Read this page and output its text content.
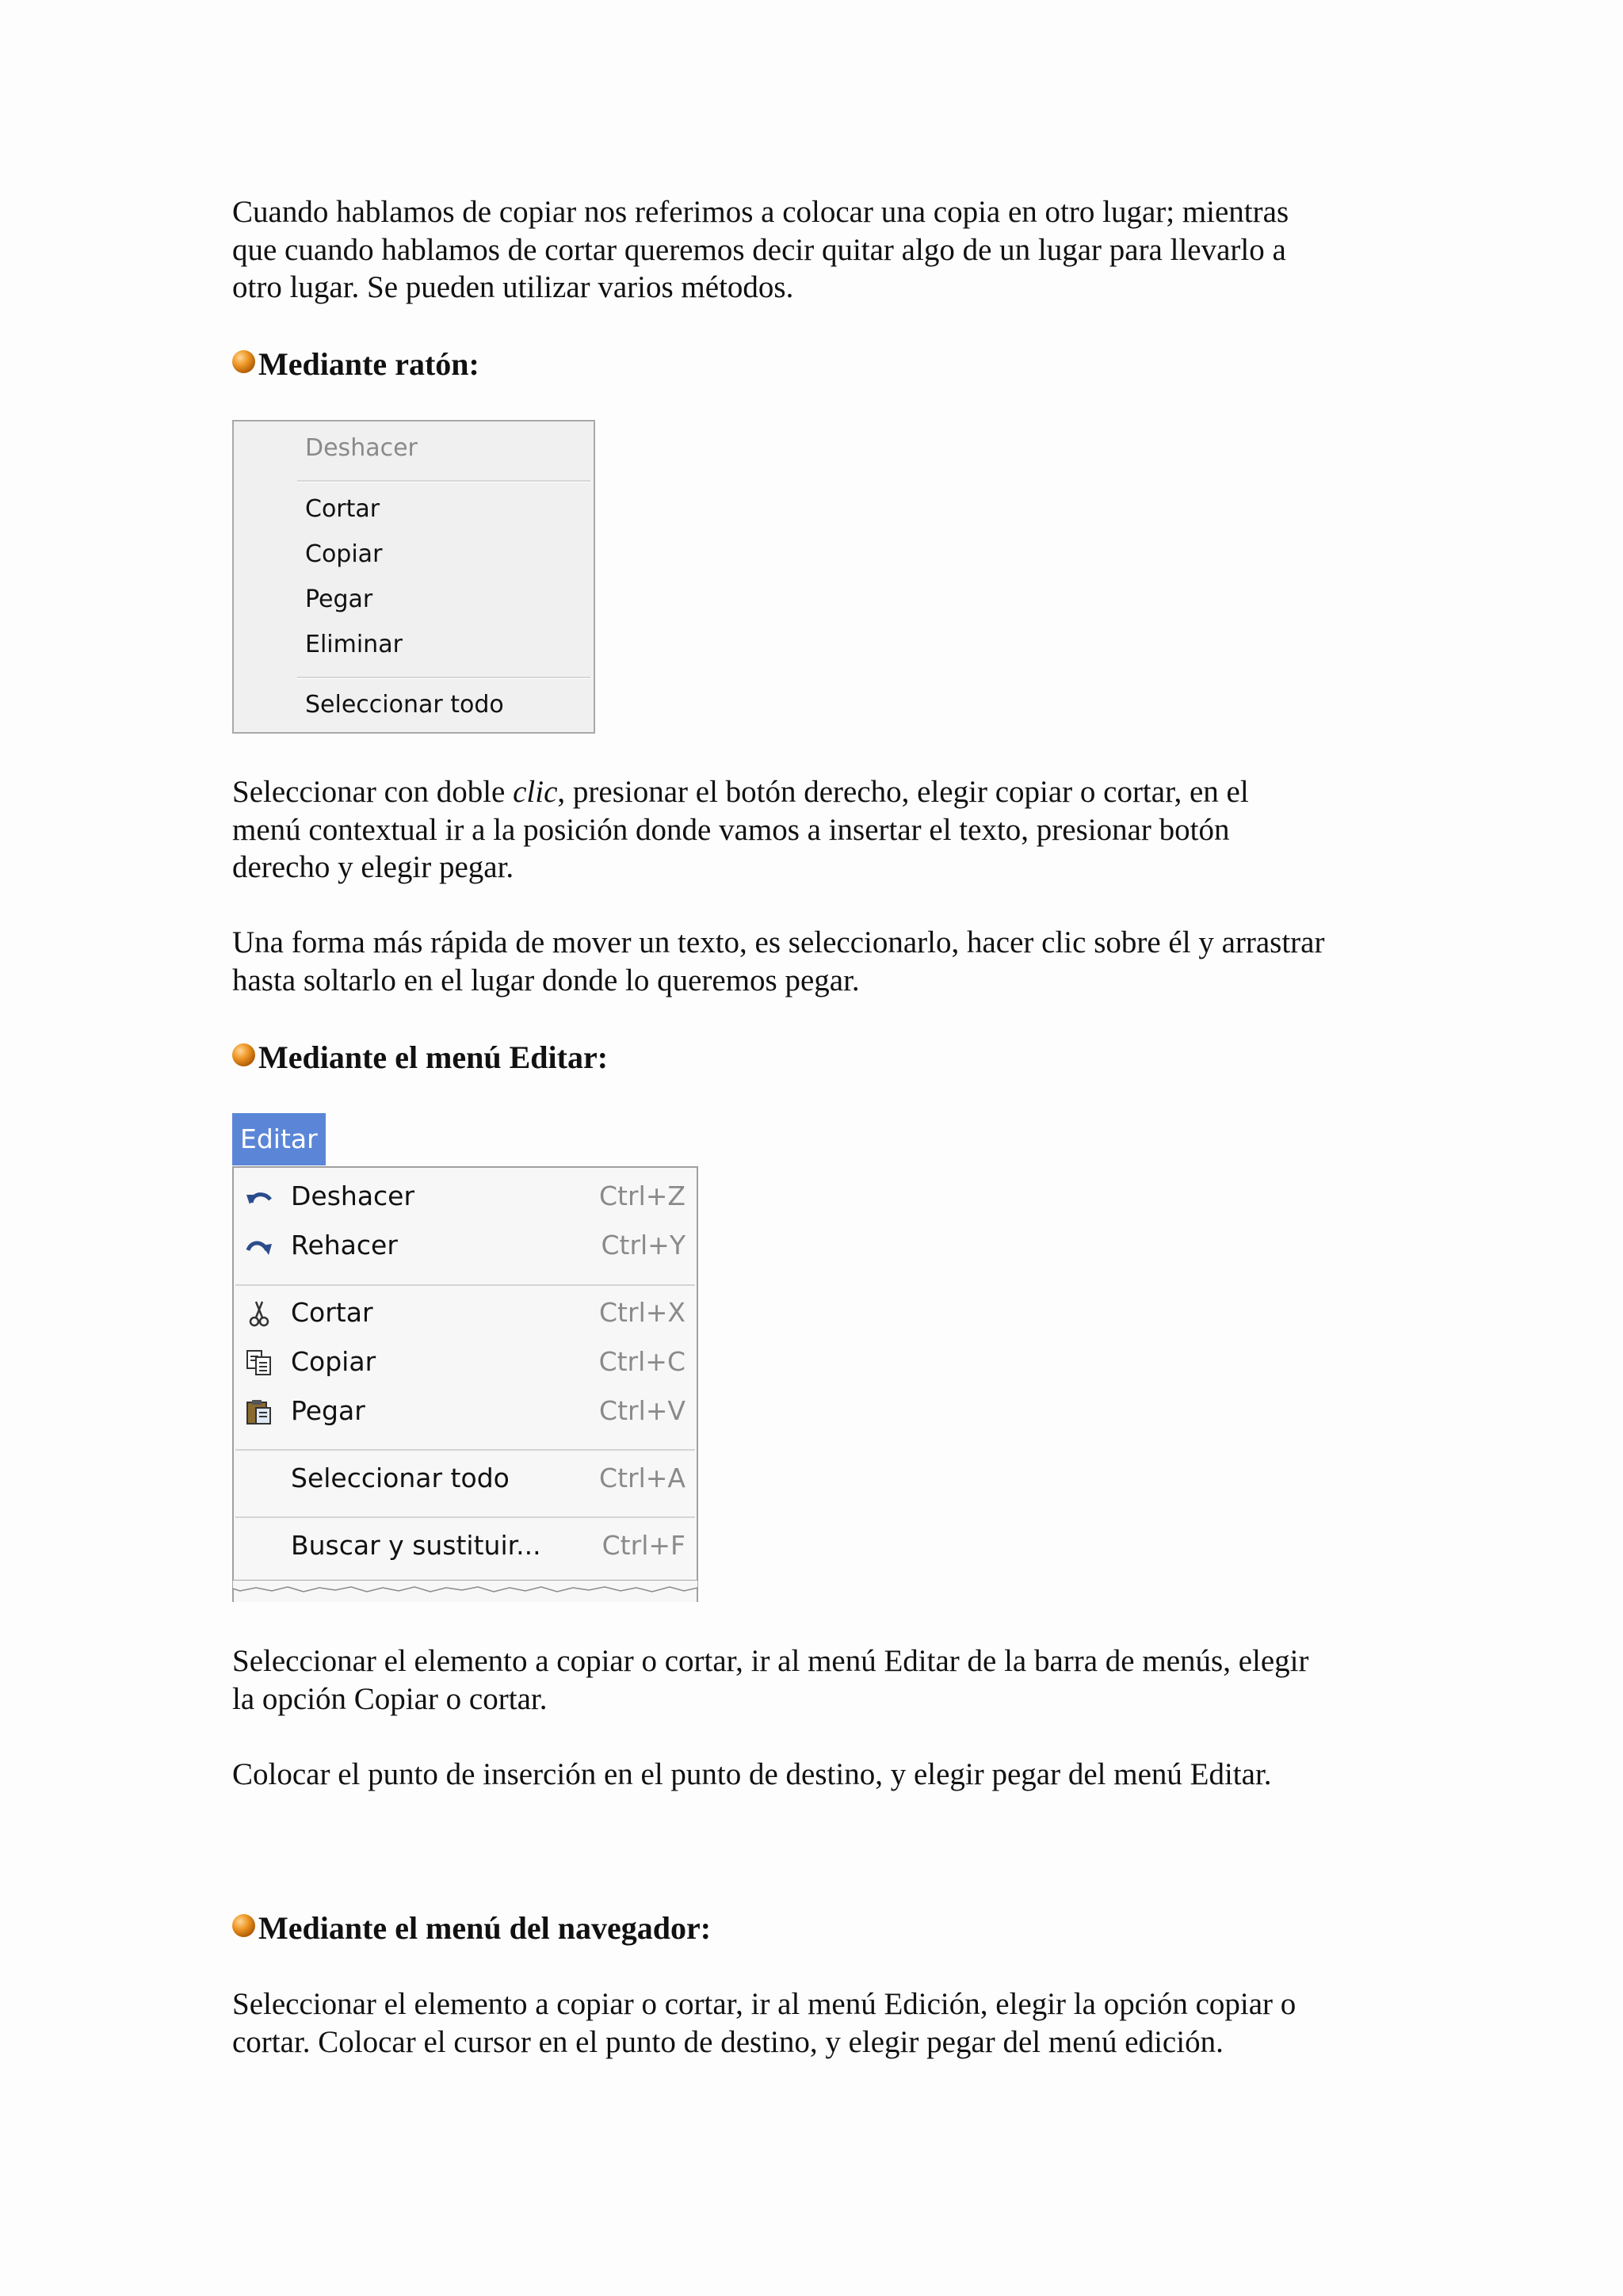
Cuando hablamos de copiar nos referimos a colocar una copia en otro lugar; mientras
que cuando hablamos de cortar queremos decir quitar algo de un lugar para llevarlo a
otro lugar. Se pueden utilizar varios métodos.

Mediante ratón:
Deshacer
Cortar
Copiar
Pegar
Eliminar
Seleccionar todo

Seleccionar con doble clic, presionar el botón derecho, elegir copiar o cortar, en el
menú contextual ir a la posición donde vamos a insertar el texto, presionar botón
derecho y elegir pegar.

Una forma más rápida de mover un texto, es seleccionarlo, hacer clic sobre él y arrastrar
hasta soltarlo en el lugar donde lo queremos pegar.

Mediante el menú Editar:
Editar
Deshacer	Ctrl+Z
Rehacer	Ctrl+Y
Cortar	Ctrl+X
Copiar	Ctrl+C
Pegar	Ctrl+V
Seleccionar todo	Ctrl+A
Buscar y sustituir... Ctrl+F

Seleccionar el elemento a copiar o cortar, ir al menú Editar de la barra de menús, elegir
la opción Copiar o cortar.

Colocar el punto de inserción en el punto de destino, y elegir pegar del menú Editar.

Mediante el menú del navegador:

Seleccionar el elemento a copiar o cortar, ir al menú Edición, elegir la opción copiar o
cortar. Colocar el cursor en el punto de destino, y elegir pegar del menú edición.
